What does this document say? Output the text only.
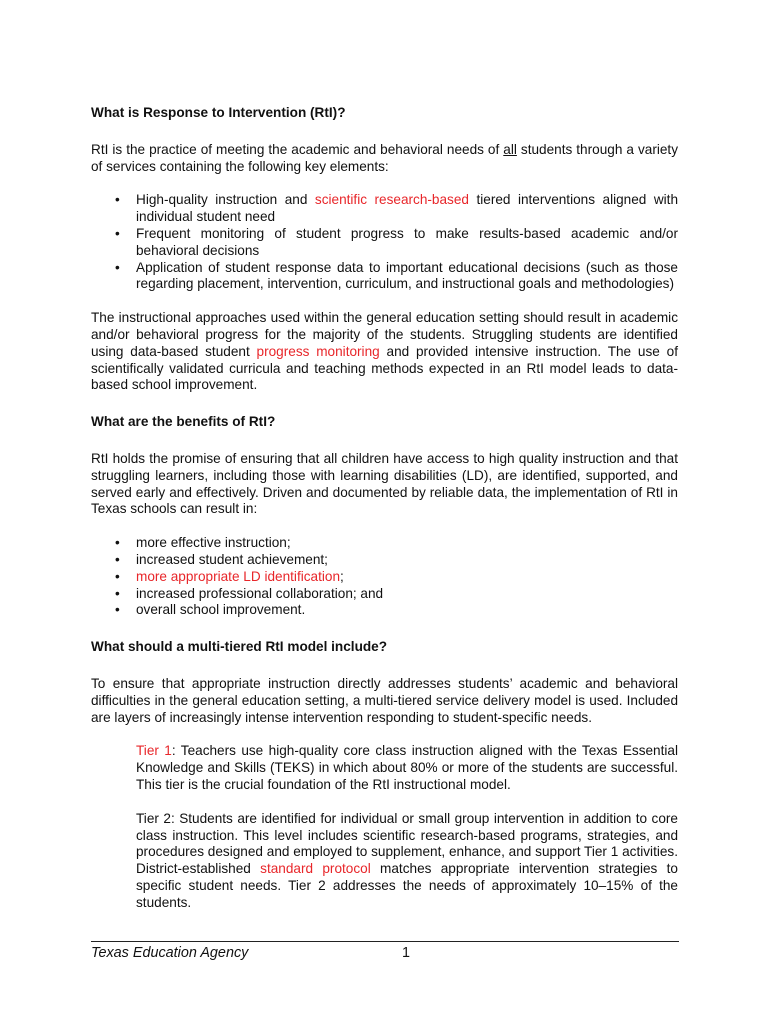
What is Response to Intervention (RtI)?

RtI is the practice of meeting the academic and behavioral needs of all students through a variety of services containing the following key elements:

• High-quality instruction and scientific research-based tiered interventions aligned with individual student need
• Frequent monitoring of student progress to make results-based academic and/or behavioral decisions
• Application of student response data to important educational decisions (such as those regarding placement, intervention, curriculum, and instructional goals and methodologies)

The instructional approaches used within the general education setting should result in academic and/or behavioral progress for the majority of the students. Struggling students are identified using data-based student progress monitoring and provided intensive instruction. The use of scientifically validated curricula and teaching methods expected in an RtI model leads to data-based school improvement.

What are the benefits of RtI?

RtI holds the promise of ensuring that all children have access to high quality instruction and that struggling learners, including those with learning disabilities (LD), are identified, supported, and served early and effectively. Driven and documented by reliable data, the implementation of RtI in Texas schools can result in:

• more effective instruction;
• increased student achievement;
• more appropriate LD identification;
• increased professional collaboration; and
• overall school improvement.
What should a multi-tiered RtI model include?

To ensure that appropriate instruction directly addresses students’ academic and behavioral difficulties in the general education setting, a multi-tiered service delivery model is used. Included are layers of increasingly intense intervention responding to student-specific needs.

Tier 1: Teachers use high-quality core class instruction aligned with the Texas Essential Knowledge and Skills (TEKS) in which about 80% or more of the students are successful. This tier is the crucial foundation of the RtI instructional model.

Tier 2: Students are identified for individual or small group intervention in addition to core class instruction. This level includes scientific research-based programs, strategies, and procedures designed and employed to supplement, enhance, and support Tier 1 activities. District-established standard protocol matches appropriate intervention strategies to specific student needs. Tier 2 addresses the needs of approximately 10–15% of the students.

Texas Education Agency	1
